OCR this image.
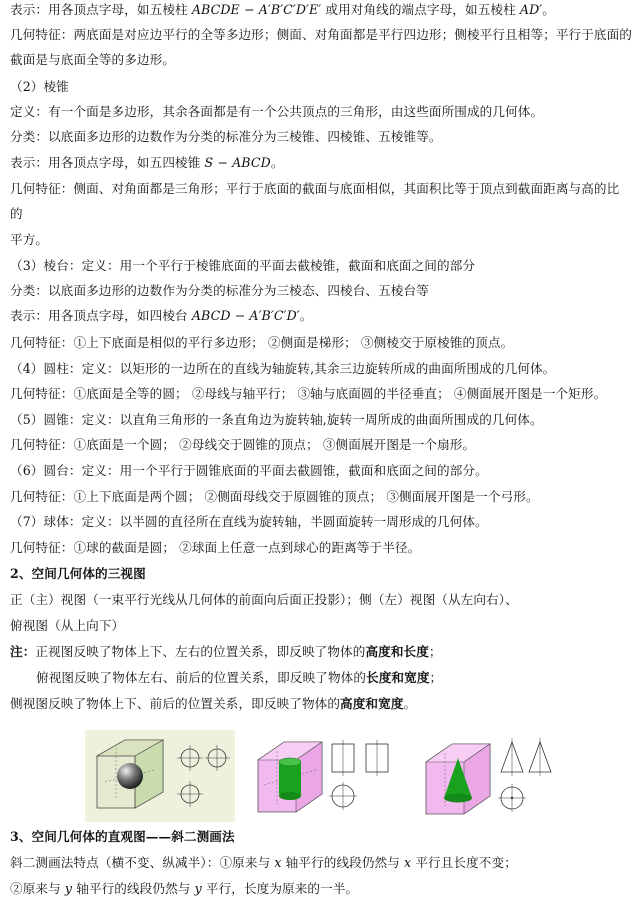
表示：用各顶点字母，如五棱柱 ABCDE − A′B′C′D′E′ 或用对角线的端点字母，如五棱柱 AD′。
几何特征：两底面是对应边平行的全等多边形；侧面、对角面都是平行四边形；侧棱平行且相等；平行于底面的
截面是与底面全等的多边形。
（2）棱锥
定义：有一个面是多边形，其余各面都是有一个公共顶点的三角形，由这些面所围成的几何体。
分类：以底面多边形的边数作为分类的标准分为三棱锥、四棱锥、五棱锥等。
表示：用各顶点字母，如五四棱锥 S − ABCD。
几何特征：侧面、对角面都是三角形；平行于底面的截面与底面相似，其面积比等于顶点到截面距离与高的比
的
平方。
（3）棱台：定义：用一个平行于棱锥底面的平面去截棱锥，截面和底面之间的部分
分类：以底面多边形的边数作为分类的标准分为三棱态、四棱台、五棱台等
表示：用各顶点字母，如四棱台 ABCD − A′B′C′D′。
几何特征：①上下底面是相似的平行多边形； ②侧面是梯形； ③侧棱交于原棱锥的顶点。
（4）圆柱：定义：以矩形的一边所在的直线为轴旋转,其余三边旋转所成的曲面所围成的几何体。
几何特征：①底面是全等的圆； ②母线与轴平行； ③轴与底面圆的半径垂直； ④侧面展开图是一个矩形。
（5）圆锥：定义：以直角三角形的一条直角边为旋转轴,旋转一周所成的曲面所围成的几何体。
几何特征：①底面是一个圆； ②母线交于圆锥的顶点； ③侧面展开图是一个扇形。
（6）圆台：定义：用一个平行于圆锥底面的平面去截圆锥，截面和底面之间的部分。
几何特征：①上下底面是两个圆； ②侧面母线交于原圆锥的顶点； ③侧面展开图是一个弓形。
（7）球体：定义：以半圆的直径所在直线为旋转轴，半圆面旋转一周形成的几何体。
几何特征：①球的截面是圆； ②球面上任意一点到球心的距离等于半径。
2、空间几何体的三视图
正（主）视图（一束平行光线从几何体的前面向后面正投影）；侧（左）视图（从左向右）、
俯视图（从上向下）
注：正视图反映了物体上下、左右的位置关系，即反映了物体的高度和长度；
俯视图反映了物体左右、前后的位置关系，即反映了物体的长度和宽度；
侧视图反映了物体上下、前后的位置关系，即反映了物体的高度和宽度。
3、空间几何体的直观图——斜二测画法
斜二测画法特点（横不变、纵减半）：①原来与 x 轴平行的线段仍然与 x 平行且长度不变；
②原来与 y 轴平行的线段仍然与 y 平行，长度为原来的一半。
